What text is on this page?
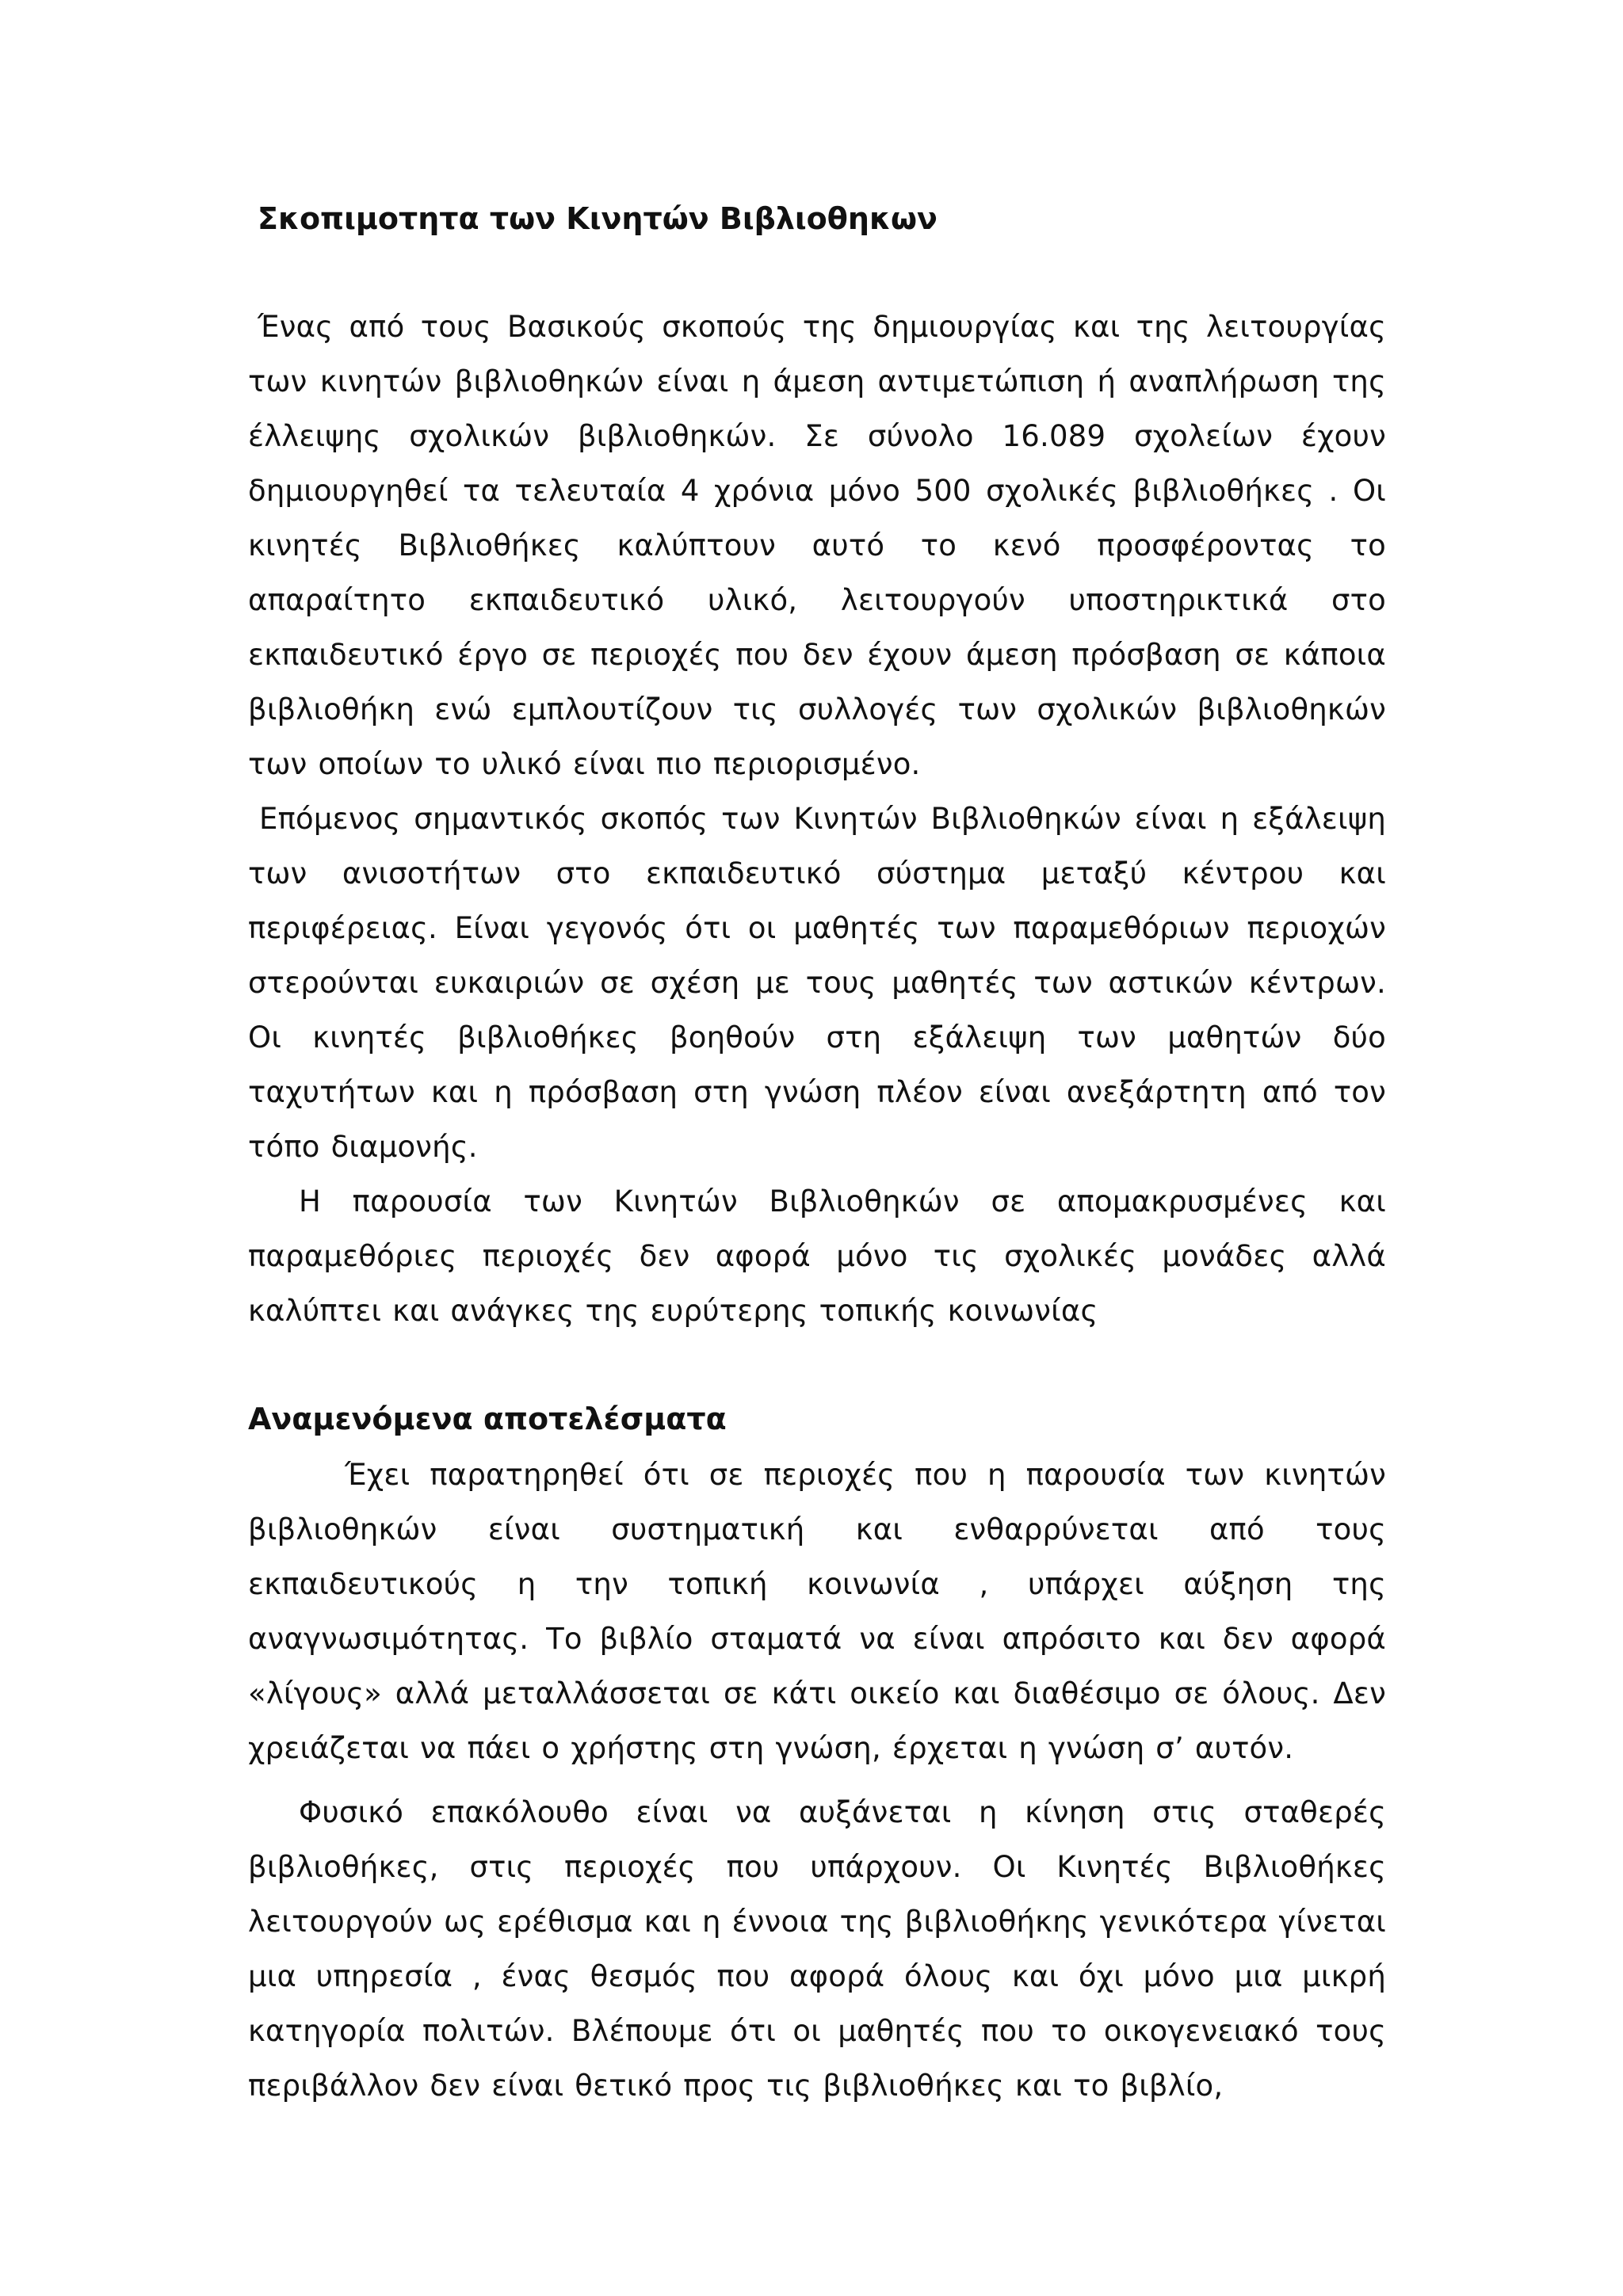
Σκοπιμοτητα των Κινητών Βιβλιοθηκων

Ένας από τους Βασικούς σκοπούς της δημιουργίας και της λειτουργίας των κινητών βιβλιοθηκών είναι η άμεση αντιμετώπιση ή αναπλήρωση της έλλειψης σχολικών βιβλιοθηκών. Σε σύνολο 16.089 σχολείων έχουν δημιουργηθεί τα τελευταία 4 χρόνια μόνο 500 σχολικές βιβλιοθήκες . Οι κινητές Βιβλιοθήκες καλύπτουν αυτό το κενό προσφέροντας το απαραίτητο εκπαιδευτικό υλικό, λειτουργούν υποστηρικτικά στο εκπαιδευτικό έργο σε περιοχές που δεν έχουν άμεση πρόσβαση σε κάποια βιβλιοθήκη ενώ εμπλουτίζουν τις συλλογές των σχολικών βιβλιοθηκών των οποίων το υλικό είναι πιο περιορισμένο.

Επόμενος σημαντικός σκοπός των Κινητών Βιβλιοθηκών είναι η εξάλειψη των ανισοτήτων στο εκπαιδευτικό σύστημα μεταξύ κέντρου και περιφέρειας. Είναι γεγονός ότι οι μαθητές των παραμεθόριων περιοχών στερούνται ευκαιριών σε σχέση με τους μαθητές των αστικών κέντρων. Οι κινητές βιβλιοθήκες βοηθούν στη εξάλειψη των μαθητών δύο ταχυτήτων και η πρόσβαση στη γνώση πλέον είναι ανεξάρτητη από τον τόπο διαμονής.

Η παρουσία των Κινητών Βιβλιοθηκών σε απομακρυσμένες και παραμεθόριες περιοχές δεν αφορά μόνο τις σχολικές μονάδες αλλά καλύπτει και ανάγκες της ευρύτερης τοπικής κοινωνίας

Αναμενόμενα αποτελέσματα

Έχει παρατηρηθεί ότι σε περιοχές που η παρουσία των κινητών βιβλιοθηκών είναι συστηματική και ενθαρρύνεται από τους εκπαιδευτικούς η την τοπική κοινωνία , υπάρχει αύξηση της αναγνωσιμότητας. Το βιβλίο σταματά να είναι απρόσιτο και δεν αφορά «λίγους» αλλά μεταλλάσσεται σε κάτι οικείο και διαθέσιμο σε όλους. Δεν χρειάζεται να πάει ο χρήστης στη γνώση, έρχεται η γνώση σ’ αυτόν.

Φυσικό επακόλουθο είναι να αυξάνεται η κίνηση στις σταθερές βιβλιοθήκες, στις περιοχές που υπάρχουν. Οι Κινητές Βιβλιοθήκες λειτουργούν ως ερέθισμα και η έννοια της βιβλιοθήκης γενικότερα γίνεται μια υπηρεσία , ένας θεσμός που αφορά όλους και όχι μόνο μια μικρή κατηγορία πολιτών. Βλέπουμε ότι οι μαθητές που το οικογενειακό τους περιβάλλον δεν είναι θετικό προς τις βιβλιοθήκες και το βιβλίο,
